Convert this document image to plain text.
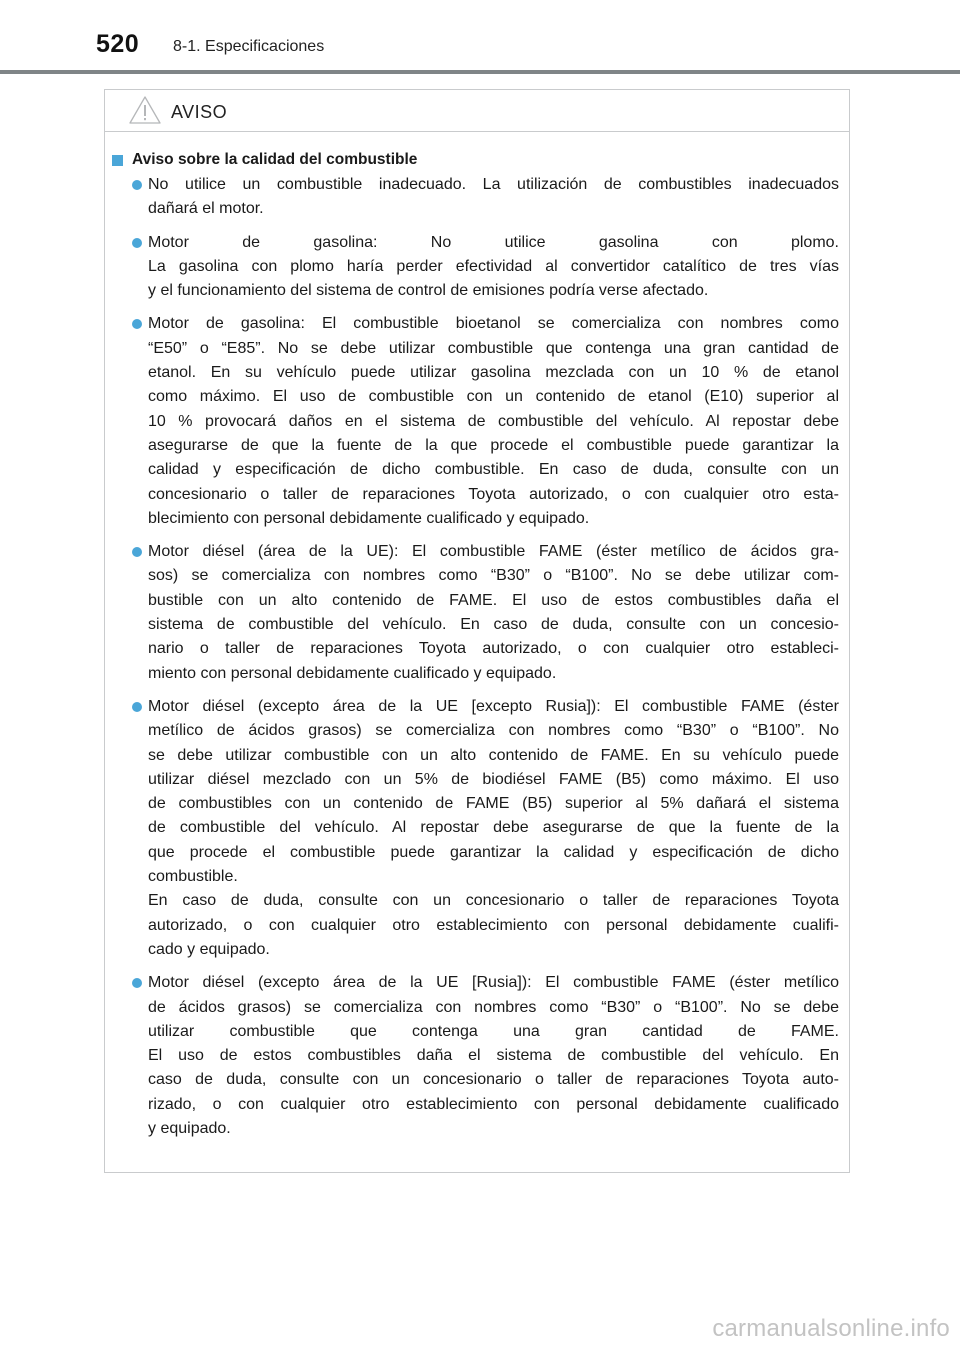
520 8-1. Especificaciones
AVISO
Aviso sobre la calidad del combustible
No utilice un combustible inadecuado. La utilización de combustibles inadecuados
dañará el motor.
Motor de gasolina: No utilice gasolina con plomo.
La gasolina con plomo haría perder efectividad al convertidor catalítico de tres vías
y el funcionamiento del sistema de control de emisiones podría verse afectado.
Motor de gasolina: El combustible bioetanol se comercializa con nombres como
“E50” o “E85”. No se debe utilizar combustible que contenga una gran cantidad de
etanol. En su vehículo puede utilizar gasolina mezclada con un 10 % de etanol
como máximo. El uso de combustible con un contenido de etanol (E10) superior al
10 % provocará daños en el sistema de combustible del vehículo. Al repostar debe
asegurarse de que la fuente de la que procede el combustible puede garantizar la
calidad y especificación de dicho combustible. En caso de duda, consulte con un
concesionario o taller de reparaciones Toyota autorizado, o con cualquier otro esta-
blecimiento con personal debidamente cualificado y equipado.
Motor diésel (área de la UE): El combustible FAME (éster metílico de ácidos gra-
sos) se comercializa con nombres como “B30” o “B100”. No se debe utilizar com-
bustible con un alto contenido de FAME. El uso de estos combustibles daña el
sistema de combustible del vehículo. En caso de duda, consulte con un concesio-
nario o taller de reparaciones Toyota autorizado, o con cualquier otro estableci-
miento con personal debidamente cualificado y equipado.
Motor diésel (excepto área de la UE [excepto Rusia]): El combustible FAME (éster
metílico de ácidos grasos) se comercializa con nombres como “B30” o “B100”. No
se debe utilizar combustible con un alto contenido de FAME. En su vehículo puede
utilizar diésel mezclado con un 5% de biodiésel FAME (B5) como máximo. El uso
de combustibles con un contenido de FAME (B5) superior al 5% dañará el sistema
de combustible del vehículo. Al repostar debe asegurarse de que la fuente de la
que procede el combustible puede garantizar la calidad y especificación de dicho
combustible.
En caso de duda, consulte con un concesionario o taller de reparaciones Toyota
autorizado, o con cualquier otro establecimiento con personal debidamente cualifi-
cado y equipado.
Motor diésel (excepto área de la UE [Rusia]): El combustible FAME (éster metílico
de ácidos grasos) se comercializa con nombres como “B30” o “B100”. No se debe
utilizar combustible que contenga una gran cantidad de FAME.
El uso de estos combustibles daña el sistema de combustible del vehículo. En
caso de duda, consulte con un concesionario o taller de reparaciones Toyota auto-
rizado, o con cualquier otro establecimiento con personal debidamente cualificado
y equipado.
carmanualsonline.info
